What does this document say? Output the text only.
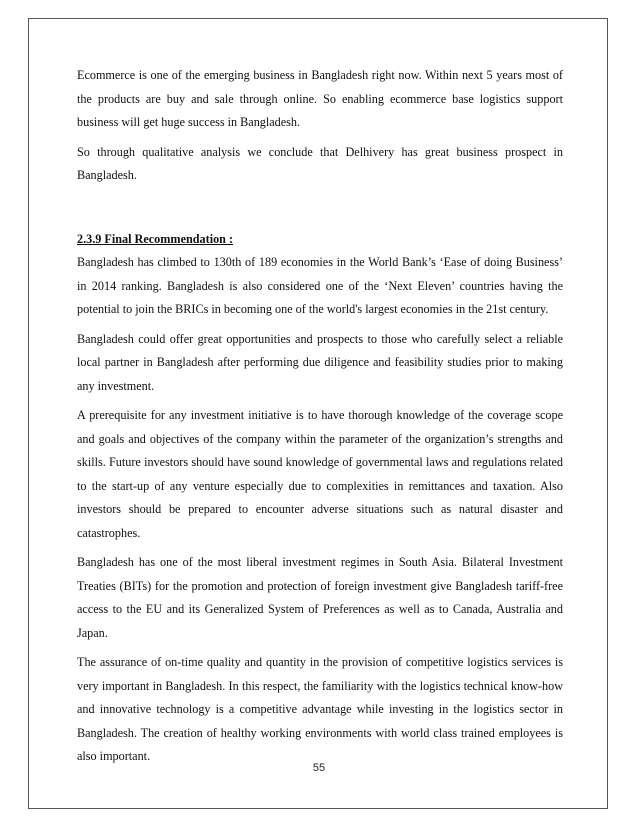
Ecommerce is one of the emerging business in Bangladesh right now. Within next 5 years most of the products are buy and sale through online. So enabling ecommerce base logistics support business will get huge success in Bangladesh.

So through qualitative analysis we conclude that Delhivery has great business prospect in Bangladesh.

2.3.9 Final Recommendation :

Bangladesh has climbed to 130th of 189 economies in the World Bank’s ‘Ease of doing Business’ in 2014 ranking. Bangladesh is also considered one of the ‘Next Eleven’ countries having the potential to join the BRICs in becoming one of the world's largest economies in the 21st century.

Bangladesh could offer great opportunities and prospects to those who carefully select a reliable local partner in Bangladesh after performing due diligence and feasibility studies prior to making any investment.

A prerequisite for any investment initiative is to have thorough knowledge of the coverage scope and goals and objectives of the company within the parameter of the organization’s strengths and skills. Future investors should have sound knowledge of governmental laws and regulations related to the start-up of any venture especially due to complexities in remittances and taxation. Also investors should be prepared to encounter adverse situations such as natural disaster and catastrophes.

Bangladesh has one of the most liberal investment regimes in South Asia. Bilateral Investment Treaties (BITs) for the promotion and protection of foreign investment give Bangladesh tariff-free access to the EU and its Generalized System of Preferences as well as to Canada, Australia and Japan.

The assurance of on-time quality and quantity in the provision of competitive logistics services is very important in Bangladesh. In this respect, the familiarity with the logistics technical know-how and innovative technology is a competitive advantage while investing in the logistics sector in Bangladesh. The creation of healthy working environments with world class trained employees is also important.

55
